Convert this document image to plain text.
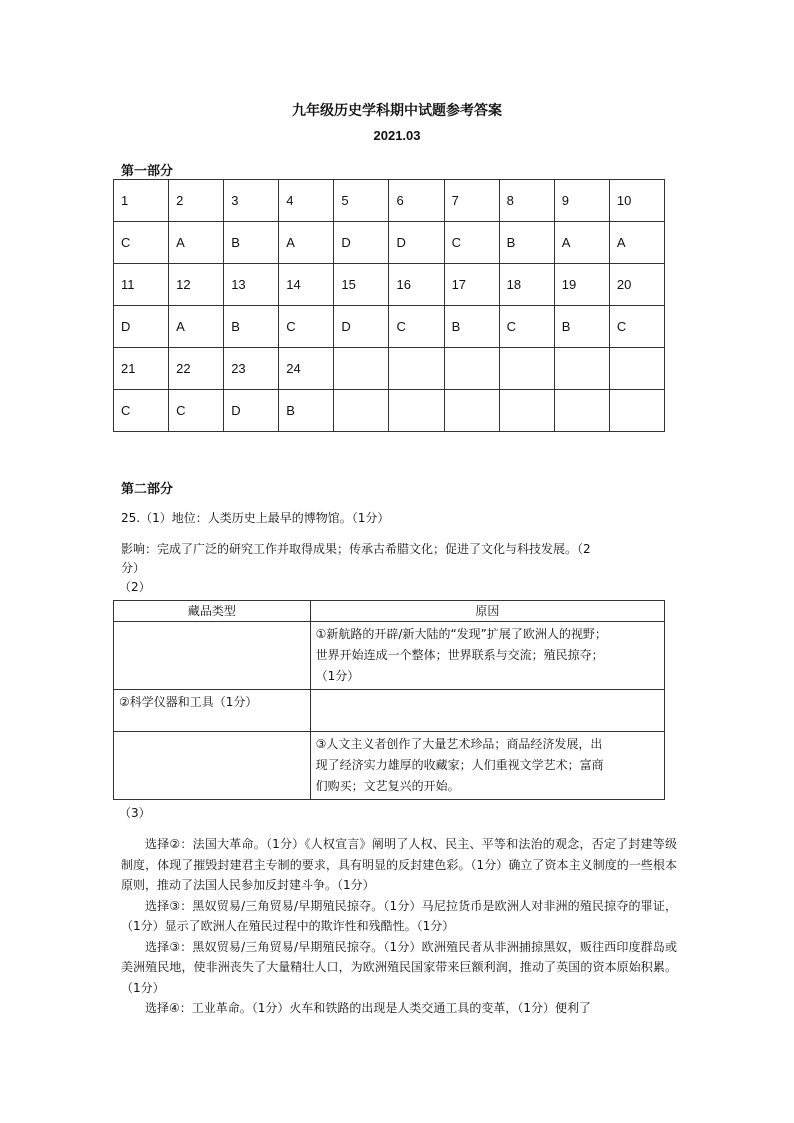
九年级历史学科期中试题参考答案
2021.03
第一部分
1	2	3	4	5	6	7	8	9	10
C	A	B	A	D	D	C	B	A	A
11	12	13	14	15	16	17	18	19	20
D	A	B	C	D	C	B	C	B	C
21	22	23	24						
C	C	D	B						
第二部分
25.（1）地位：人类历史上最早的博物馆。（1分）
影响：完成了广泛的研究工作并取得成果；传承古希腊文化；促进了文化与科技发展。（2
分）
（2）
藏品类型	原因

	①新航路的开辟/新大陆的“发现”扩展了欧洲人的视野；
世界开始连成一个整体；世界联系与交流；殖民掠夺；
（1分）

②科学仪器和工具（1分）	

	③人文主义者创作了大量艺术珍品；商品经济发展，出
现了经济实力雄厚的收藏家；人们重视文学艺术；富商
们购买；文艺复兴的开始。
（3）

选择②：法国大革命。（1分）《人权宣言》阐明了人权、民主、平等和法治的观念，否定了封建等级制度，体现了摧毁封建君主专制的要求，具有明显的反封建色彩。（1分）确立了资本主义制度的一些根本原则，推动了法国人民参加反封建斗争。（1分）

选择③：黑奴贸易/三角贸易/早期殖民掠夺。（1分）马尼拉货币是欧洲人对非洲的殖民掠夺的罪证，（1分）显示了欧洲人在殖民过程中的欺诈性和残酷性。（1分）

选择③：黑奴贸易/三角贸易/早期殖民掠夺。（1分）欧洲殖民者从非洲捕掠黑奴，贩往西印度群岛或美洲殖民地，使非洲丧失了大量精壮人口，为欧洲殖民国家带来巨额利润，推动了英国的资本原始积累。（1分）

选择④：工业革命。（1分）火车和铁路的出现是人类交通工具的变革，（1分）便利了
